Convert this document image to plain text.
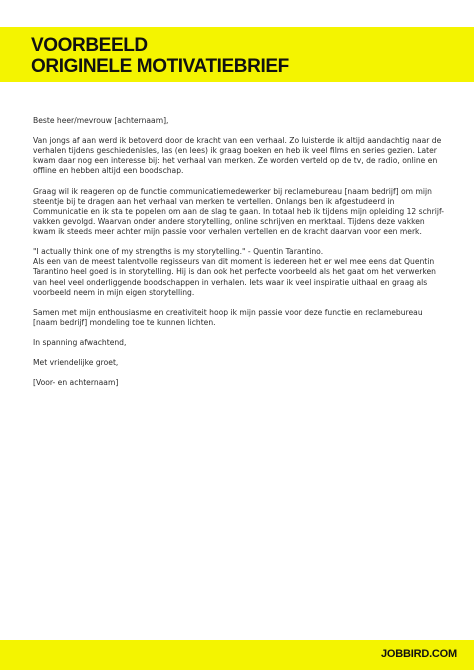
VOORBEELD
ORIGINELE MOTIVATIEBRIEF

Beste heer/mevrouw [achternaam],

Van jongs af aan werd ik betoverd door de kracht van een verhaal. Zo luisterde ik altijd aandachtig naar de verhalen tijdens geschiedenisles, las (en lees) ik graag boeken en heb ik veel films en series gezien. Later kwam daar nog een interesse bij: het verhaal van merken. Ze worden verteld op de tv, de radio, online en offline en hebben altijd een boodschap.

Graag wil ik reageren op de functie communicatiemedewerker bij reclamebureau [naam bedrijf] om mijn steentje bij te dragen aan het verhaal van merken te vertellen. Onlangs ben ik afgestudeerd in Communicatie en ik sta te popelen om aan de slag te gaan. In totaal heb ik tijdens mijn opleiding 12 schrijf-vakken gevolgd. Waarvan onder andere storytelling, online schrijven en merktaal. Tijdens deze vakken kwam ik steeds meer achter mijn passie voor verhalen vertellen en de kracht daarvan voor een merk.

"I actually think one of my strengths is my storytelling." - Quentin Tarantino.
Als een van de meest talentvolle regisseurs van dit moment is iedereen het er wel mee eens dat Quentin Tarantino heel goed is in storytelling. Hij is dan ook het perfecte voorbeeld als het gaat om het verwerken van heel veel onderliggende boodschappen in verhalen. Iets waar ik veel inspiratie uithaal en graag als voorbeeld neem in mijn eigen storytelling.

Samen met mijn enthousiasme en creativiteit hoop ik mijn passie voor deze functie en reclamebureau [naam bedrijf] mondeling toe te kunnen lichten.

In spanning afwachtend,

Met vriendelijke groet,

[Voor- en achternaam]

JOBBIRD.COM
